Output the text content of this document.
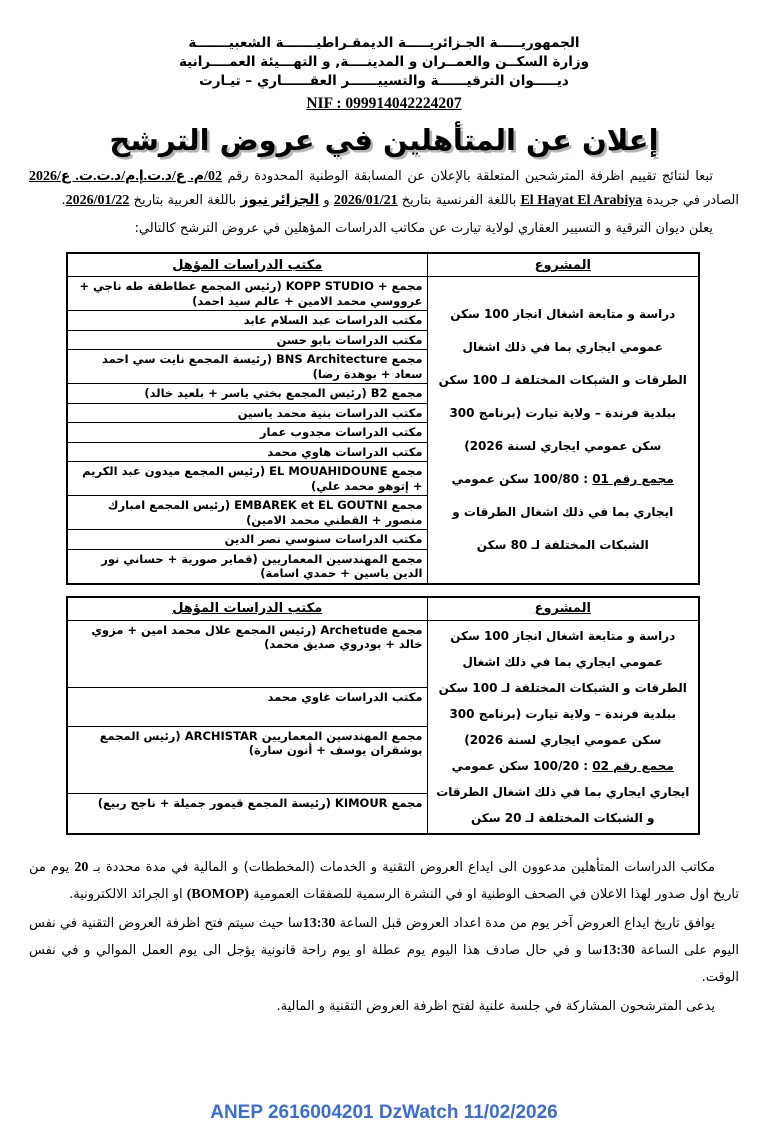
الجمهوريـــــة الجـزائريـــــة الديمقـراطيـــــــة الشعبيـــــــة
وزارة السكــن والعمــران و المدينــــة, و التهـــيئة العمــــرانية
ديـــــوان الترقيــــــة والتسييــــــر العقــــــاري – تيـارت
NIF : 099914042224207
إعلان عن المتأهلين في عروض الترشح

تبعا لنتائج تقييم اظرفة المترشحين المتعلقة بالإعلان عن المسابقة الوطنية المحدودة رقم 02/م. ع/د.ت.إ.م/د.ت.ت. ع/2026 الصادر في جريدة El Hayat El Arabiya باللغة الفرنسية بتاريخ 2026/01/21 و الجزائر نيوز باللغة العربية بتاريخ 2026/01/22.

يعلن ديوان الترقية و التسيير العقاري لولاية تيارت عن مكاتب الدراسات المؤهلين في عروض الترشح كالتالي:

المشروع	مكتب الدراسات المؤهل

دراسة و متابعة اشغال انجاز 100 سكن عمومي ايجاري بما في ذلك اشغال الطرقات و الشبكات المختلفة لـ 100 سكن ببلدية فرندة – ولاية تيارت (برنامج 300 سكن عمومي ايجاري لسنة 2026)

مجمع رقم 01 : 100/80 سكن عمومي ايجاري بما في ذلك اشغال الطرقات و الشبكات المختلفة لـ 80 سكن	مجمع + KOPP STUDIO (رئيس المجمع عطاطفة طه ناجي + عرووسي محمد الامين + عالم سيد احمد)
	مكتب الدراسات عبد السلام عابد
	مكتب الدراسات بابو حسن
	مجمع BNS Architecture (رئيسة المجمع نايت سي احمد سعاد + بوهدة رضا)
	مجمع B2 (رئيس المجمع بختي ياسر + بلعيد خالد)
	مكتب الدراسات بنية محمد ياسين
	مكتب الدراسات مجدوب عمار
	مكتب الدراسات هاوي محمد
	مجمع EL MOUAHIDOUNE (رئيس المجمع ميدون عبد الكريم + إتوهو محمد علي)
	مجمع EMBAREK et EL GOUTNI (رئيس المجمع امبارك منصور + القطني محمد الامين)
	مكتب الدراسات سنوسي نصر الدين
	مجمع المهندسين المعماريين (قماير صورية + حساني نور الدين ياسين + حمدي اسامة)
المشروع	مكتب الدراسات المؤهل

دراسة و متابعة اشغال انجاز 100 سكن عمومي ايجاري بما في ذلك اشغال الطرقات و الشبكات المختلفة لـ 100 سكن ببلدية فرندة – ولاية تيارت (برنامج 300 سكن عمومي ايجاري لسنة 2026)

مجمع رقم 02 : 100/20 سكن عمومي ايجاري ايجاري بما في ذلك اشغال الطرقات و الشبكات المختلفة لـ 20 سكن	مجمع Archetude (رئيس المجمع علال محمد امين + مزوي خالد + بودروي صديق محمد)
	مكتب الدراسات غاوي محمد
	مجمع المهندسين المعماريين ARCHISTAR (رئيس المجمع بوشقران يوسف + أنون سارة)
	مجمع KIMOUR (رئيسة المجمع قيمور جميلة + ناجح ربيع)

مكاتب الدراسات المتأهلين مدعوون الى ايداع العروض التقنية و الخدمات (المخططات) و المالية في مدة محددة بـ 20 يوم من تاريخ اول صدور لهذا الاعلان في الصحف الوطنية او في النشرة الرسمية للصفقات العمومية (BOMOP) او الجرائد الالكترونية.

يوافق تاريخ ايداع العروض آخر يوم من مدة اعداد العروض قبل الساعة 13:30سا حيث سيتم فتح اظرفة العروض التقنية في نفس اليوم على الساعة 13:30سا و في حال صادف هذا اليوم يوم عطلة او يوم راحة قانونية يؤجل الى يوم العمل الموالي و في نفس الوقت.

يدعى المترشحون المشاركة في جلسة علنية لفتح اظرفة العروض التقنية و المالية.

ANEP 2616004201 DzWatch 11/02/2026
